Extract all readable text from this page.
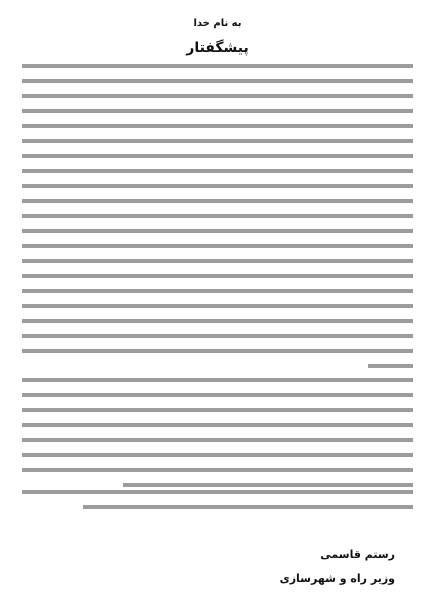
به نام خدا
پیشگفتار
رستم قاسمی
وزیر راه و شهرسازی
